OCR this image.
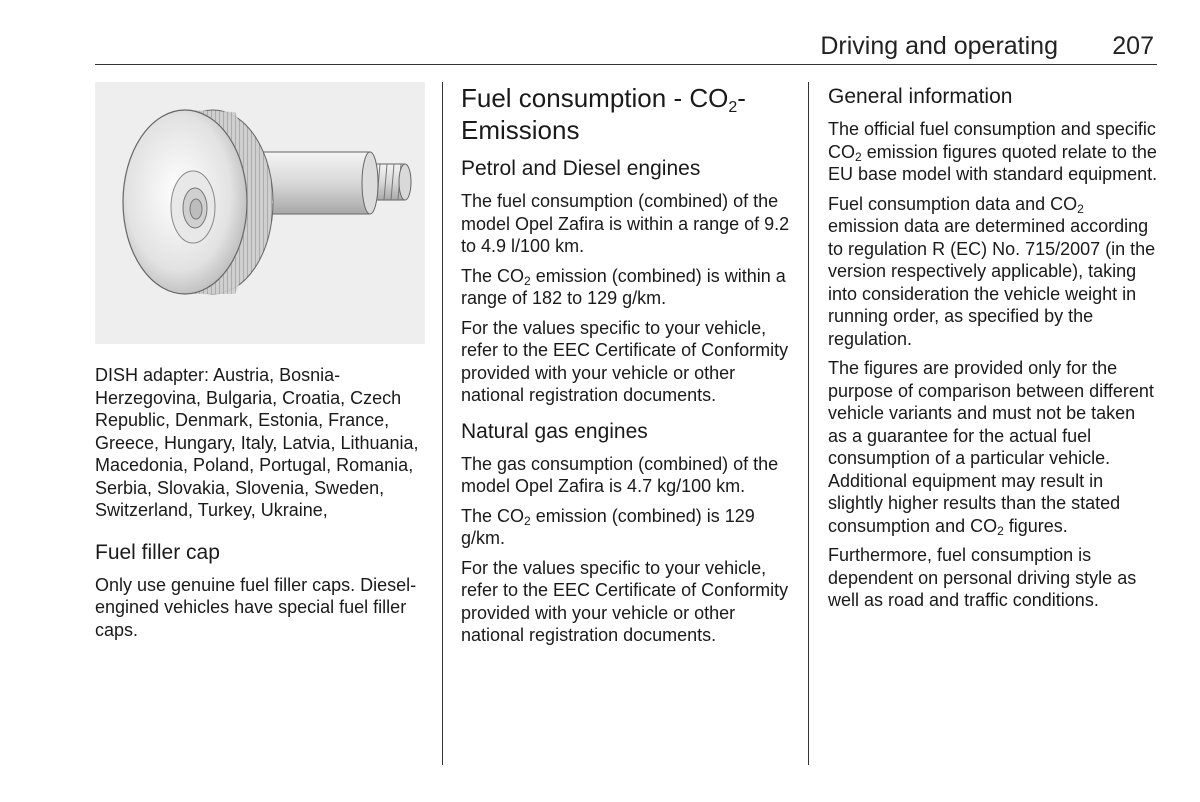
Driving and operating 207

DISH adapter: Austria, Bosnia-Herzegovina, Bulgaria, Croatia, Czech Republic, Denmark, Estonia, France, Greece, Hungary, Italy, Latvia, Lithuania, Macedonia, Poland, Portugal, Romania, Serbia, Slovakia, Slovenia, Sweden, Switzerland, Turkey, Ukraine,

Fuel filler cap

Only use genuine fuel filler caps. Diesel-engined vehicles have special fuel filler caps.

Fuel consumption - $CO_2-$
Emissions
Petrol and Diesel engines

The fuel consumption (combined) of the model Opel Zafira is within a range of 9.2 to 4.9 l/100 km.

The $CO_2$ emission (combined) is within a range of 182 to 129 g/km.

For the values specific to your vehicle, refer to the EEC Certificate of Conformity provided with your vehicle or other national registration documents.

Natural gas engines

The gas consumption (combined) of the model Opel Zafira is 4.7 kg/100 km.

The $CO_2$ emission (combined) is 129 g/km.

For the values specific to your vehicle, refer to the EEC Certificate of Conformity provided with your vehicle or other national registration documents.

General information

The official fuel consumption and specific $CO_2$ emission figures quoted relate to the EU base model with standard equipment.

Fuel consumption data and $CO_2$ emission data are determined according to regulation R (EC) No. 715/2007 (in the version respectively applicable), taking into consideration the vehicle weight in running order, as specified by the regulation.

The figures are provided only for the purpose of comparison between different vehicle variants and must not be taken as a guarantee for the actual fuel consumption of a particular vehicle. Additional equipment may result in slightly higher results than the stated consumption and $CO_2$ figures.

Furthermore, fuel consumption is dependent on personal driving style as well as road and traffic conditions.
